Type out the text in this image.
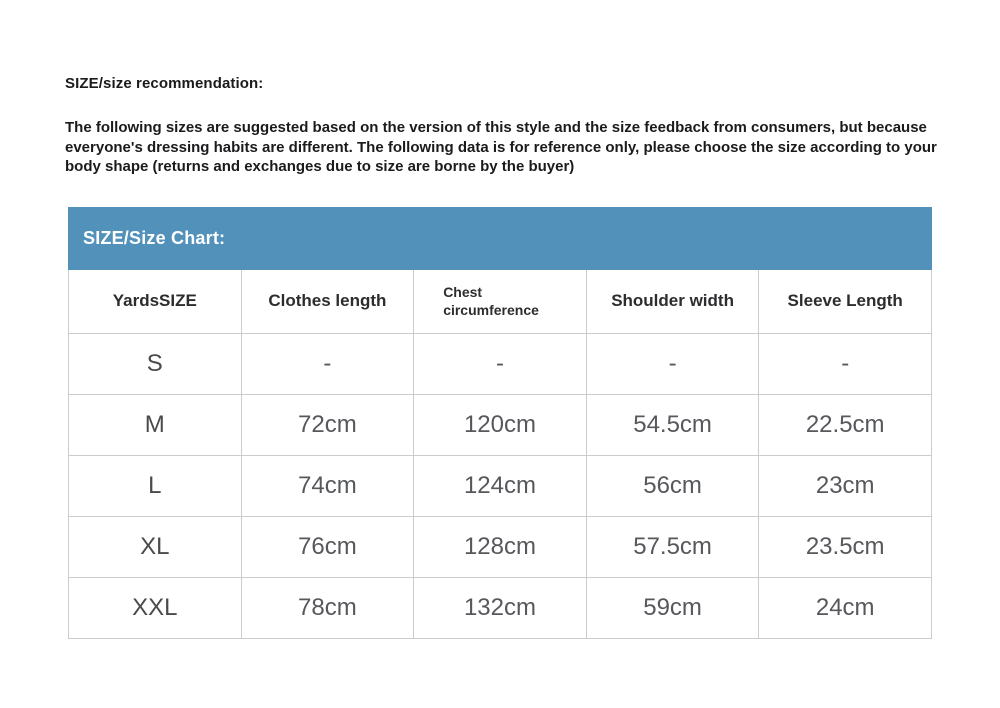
SIZE/size recommendation:

The following sizes are suggested based on the version of this style and the size feedback from consumers, but because everyone's dressing habits are different. The following data is for reference only, please choose the size according to your body shape (returns and exchanges due to size are borne by the buyer)

SIZE/Size Chart:
YardsSIZE	Clothes length	Chest circumference	Shoulder width	Sleeve Length
S	-	-	-	-
M	72cm	120cm	54.5cm	22.5cm
L	74cm	124cm	56cm	23cm
XL	76cm	128cm	57.5cm	23.5cm
XXL	78cm	132cm	59cm	24cm
